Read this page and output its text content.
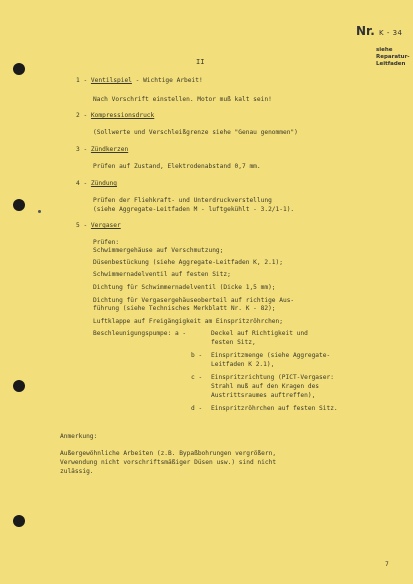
Nr. K - 34
siehe
Reparatur-
Leitfaden
II
1 - Ventilspiel - Wichtige Arbeit!
Nach Vorschrift einstellen. Motor muß kalt sein!
2 - Kompressionsdruck
(Sollwerte und Verschleißgrenze siehe "Genau genommen")
3 - Zündkerzen
Prüfen auf Zustand, Elektrodenabstand 0,7 mm.
4 - Zündung
Prüfen der Fliehkraft- und Unterdruckverstellung
(siehe Aggregate-Leitfaden M - luftgekühlt - 3.2/1-1).
5 - Vergaser
Prüfen:
Schwimmergehäuse auf Verschmutzung;
Düsenbestückung (siehe Aggregate-Leitfaden K, 2.1);
Schwimmernadelventil auf festen Sitz;
Dichtung für Schwimmernadelventil (Dicke 1,5 mm);
Dichtung für Vergasergehäuseoberteil auf richtige Aus-
führung (siehe Technisches Merkblatt Nr. K - 82);
Luftklappe auf Freigängigkeit am Einspritzröhrchen;
Beschleunigungspumpe: a -	Deckel auf Richtigkeit und
festen Sitz,
b - Einspritzmenge (siehe Aggregate-
Leitfaden K 2.1),
c - Einspritzrichtung (PICT-Vergaser:
Strahl muß auf den Kragen des
Austrittsraumes auftreffen),
d - Einspritzröhrchen auf festen Sitz.
Anmerkung:
Außergewöhnliche Arbeiten (z.B. Bypaßbohrungen vergrößern,
Verwendung nicht vorschriftsmäßiger Düsen usw.) sind nicht
zulässig.
7
